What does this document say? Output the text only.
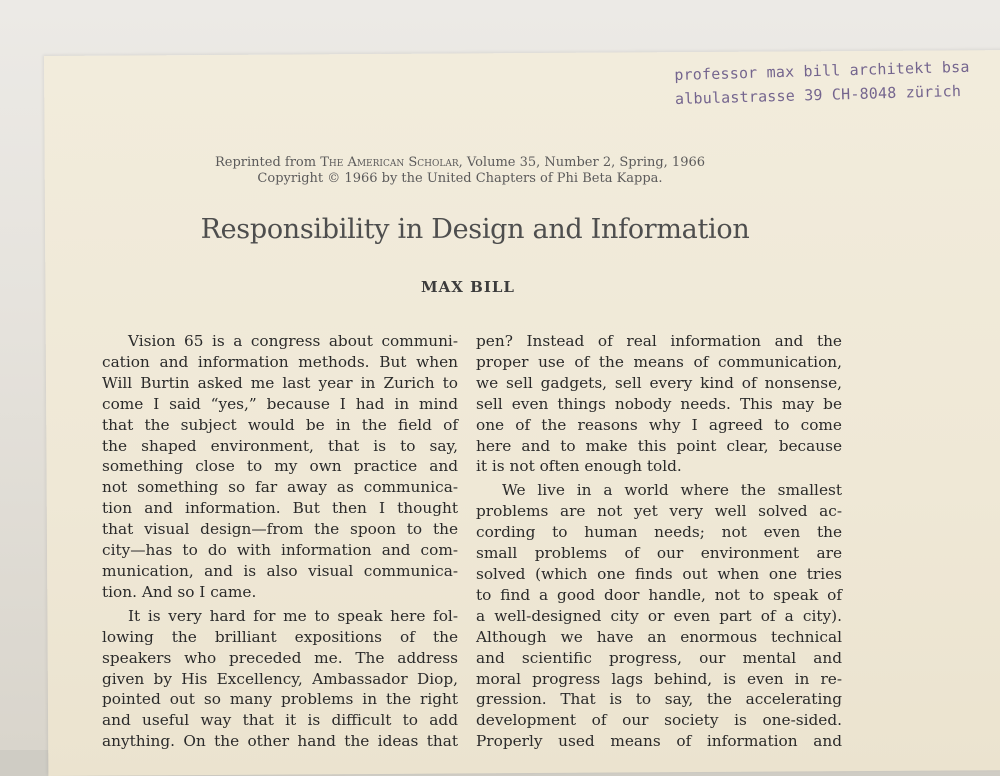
professor max bill architekt bsa
albulastrasse 39 CH-8048 zürich
Reprinted from The American Scholar, Volume 35, Number 2, Spring, 1966
Copyright © 1966 by the United Chapters of Phi Beta Kappa.
Responsibility in Design and Information
MAX BILL
Vision 65 is a congress about communi-
cation and information methods. But when
Will Burtin asked me last year in Zurich to
come I said “yes,” because I had in mind
that the subject would be in the field of
the shaped environment, that is to say,
something close to my own practice and
not something so far away as communica-
tion and information. But then I thought
that visual design—from the spoon to the
city—has to do with information and com-
munication, and is also visual communica-
tion. And so I came.
It is very hard for me to speak here fol-
lowing the brilliant expositions of the
speakers who preceded me. The address
given by His Excellency, Ambassador Diop,
pointed out so many problems in the right
and useful way that it is difficult to add
anything. On the other hand the ideas that
pen? Instead of real information and the
proper use of the means of communication,
we sell gadgets, sell every kind of nonsense,
sell even things nobody needs. This may be
one of the reasons why I agreed to come
here and to make this point clear, because
it is not often enough told.
We live in a world where the smallest
problems are not yet very well solved ac-
cording to human needs; not even the
small problems of our environment are
solved (which one finds out when one tries
to find a good door handle, not to speak of
a well-designed city or even part of a city).
Although we have an enormous technical
and scientific progress, our mental and
moral progress lags behind, is even in re-
gression. That is to say, the accelerating
development of our society is one-sided.
Properly used means of information and
